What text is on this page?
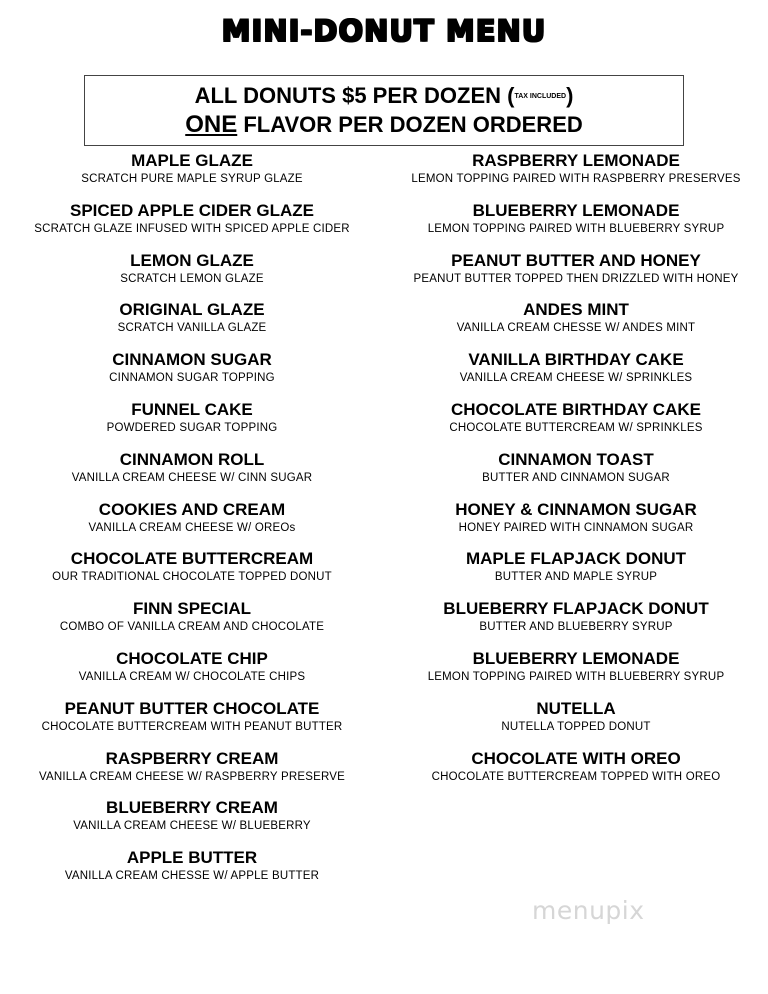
MINI-DONUT MENU
ALL DONUTS $5 PER DOZEN (TAX INCLUDED)
ONE FLAVOR PER DOZEN ORDERED
MAPLE GLAZE
SCRATCH PURE MAPLE SYRUP GLAZE
SPICED APPLE CIDER GLAZE
SCRATCH GLAZE INFUSED WITH SPICED APPLE CIDER
LEMON GLAZE
SCRATCH LEMON GLAZE
ORIGINAL GLAZE
SCRATCH VANILLA GLAZE
CINNAMON SUGAR
CINNAMON SUGAR TOPPING
FUNNEL CAKE
POWDERED SUGAR TOPPING
CINNAMON ROLL
VANILLA CREAM CHEESE W/ CINN SUGAR
COOKIES AND CREAM
VANILLA CREAM CHEESE W/ OREOs
CHOCOLATE BUTTERCREAM
OUR TRADITIONAL CHOCOLATE TOPPED DONUT
FINN SPECIAL
COMBO OF VANILLA CREAM AND CHOCOLATE
CHOCOLATE CHIP
VANILLA CREAM W/ CHOCOLATE CHIPS
PEANUT BUTTER CHOCOLATE
CHOCOLATE BUTTERCREAM WITH PEANUT BUTTER
RASPBERRY CREAM
VANILLA CREAM CHEESE W/ RASPBERRY PRESERVE
BLUEBERRY CREAM
VANILLA CREAM CHEESE W/ BLUEBERRY
APPLE BUTTER
VANILLA CREAM CHESSE W/ APPLE BUTTER
RASPBERRY LEMONADE
LEMON TOPPING PAIRED WITH RASPBERRY PRESERVES
BLUEBERRY LEMONADE
LEMON TOPPING PAIRED WITH BLUEBERRY SYRUP
PEANUT BUTTER AND HONEY
PEANUT BUTTER TOPPED THEN DRIZZLED WITH HONEY
ANDES MINT
VANILLA CREAM CHESSE W/ ANDES MINT
VANILLA BIRTHDAY CAKE
VANILLA CREAM CHEESE W/ SPRINKLES
CHOCOLATE BIRTHDAY CAKE
CHOCOLATE BUTTERCREAM W/ SPRINKLES
CINNAMON TOAST
BUTTER AND CINNAMON SUGAR
HONEY & CINNAMON SUGAR
HONEY PAIRED WITH CINNAMON SUGAR
MAPLE FLAPJACK DONUT
BUTTER AND MAPLE SYRUP
BLUEBERRY FLAPJACK DONUT
BUTTER AND BLUEBERRY SYRUP
BLUEBERRY LEMONADE
LEMON TOPPING PAIRED WITH BLUEBERRY SYRUP
NUTELLA
NUTELLA TOPPED DONUT
CHOCOLATE WITH OREO
CHOCOLATE BUTTERCREAM TOPPED WITH OREO
menupix
